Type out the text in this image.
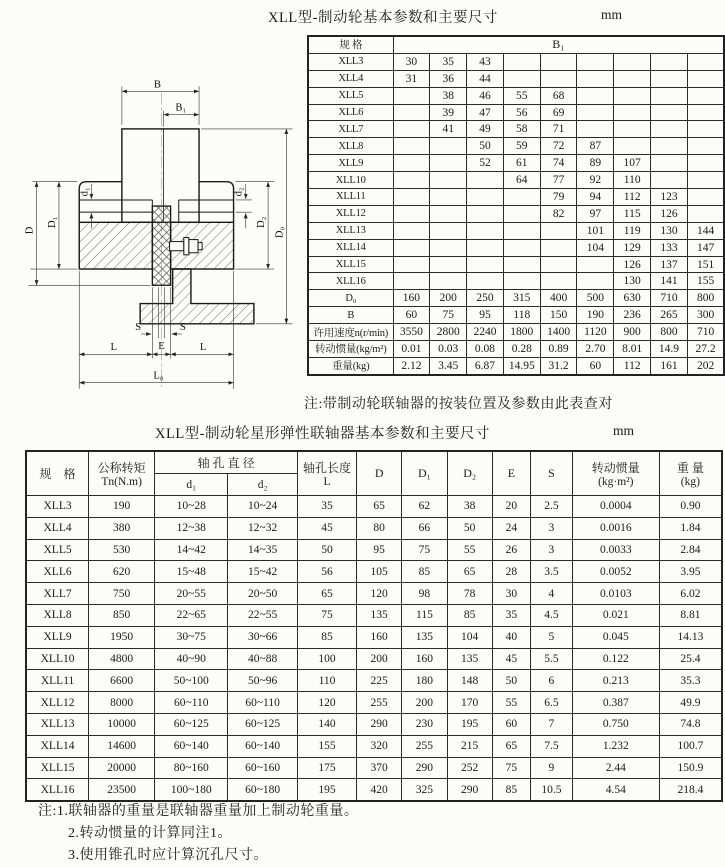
XLL型-制动轮基本参数和主要尺寸	mm
B
B₁
D
D₁
d₁	d₂
D₂
D₀
S	S
L	E	L
L₀
规 格	B₁								
XLL3	30	35	43						
XLL4	31	36	44						
XLL5		38	46	55	68				
XLL6		39	47	56	69				
XLL7		41	49	58	71				
XLL8			50	59	72	87			
XLL9			52	61	74	89	107		
XLL10				64	77	92	110		
XLL11					79	94	112	123	
XLL12					82	97	115	126	
XLL13						101	119	130	144
XLL14						104	129	133	147
XLL15							126	137	151
XLL16							130	141	155
D₀	160	200	250	315	400	500	630	710	800
B	60	75	95	118	150	190	236	265	300
许用速度n(r/min)	3550	2800	2240	1800	1400	1120	900	800	710
转动惯量(kg/m²)	0.01	0.03	0.08	0.28	0.89	2.70	8.01	14.9	27.2
重量(kg)	2.12	3.45	6.87	14.95	31.2	60	112	161	202
注:带制动轮联轴器的按装位置及参数由此表查对
XLL型-制动轮星形弹性联轴器基本参数和主要尺寸	mm
规　格	公称转矩
Tn(N.m)
	轴 孔 直 径	轴孔长度
L
	D	D₁	D₂	E	S	转动惯量
(kg·m²)

重 量
(kg)

		d₁	d₂								
XLL3	190	10~28	10~24	35	65	62	38	20	2.5	0.0004	0.90
XLL4	380	12~38	12~32	45	80	66	50	24	3	0.0016	1.84
XLL5	530	14~42	14~35	50	95	75	55	26	3	0.0033	2.84
XLL6	620	15~48	15~42	56	105	85	65	28	3.5	0.0052	3.95
XLL7	750	20~55	20~50	65	120	98	78	30	4	0.0103	6.02
XLL8	850	22~65	22~55	75	135	115	85	35	4.5	0.021	8.81
XLL9	1950	30~75	30~66	85	160	135	104	40	5	0.045	14.13
XLL10	4800	40~90	40~88	100	200	160	135	45	5.5	0.122	25.4
XLL11	6600	50~100	50~96	110	225	180	148	50	6	0.213	35.3
XLL12	8000	60~110	60~110	120	255	200	170	55	6.5	0.387	49.9
XLL13	10000	60~125	60~125	140	290	230	195	60	7	0.750	74.8
XLL14	14600	60~140	60~140	155	320	255	215	65	7.5	1.232	100.7
XLL15	20000	80~160	60~160	175	370	290	252	75	9	2.44	150.9
XLL16	23500	100~180	60~180	195	420	325	290	85	10.5	4.54	218.4
注:1.联轴器的重量是联轴器重量加上制动轮重量。
2.转动惯量的计算同注1。
3.使用锥孔时应计算沉孔尺寸。
